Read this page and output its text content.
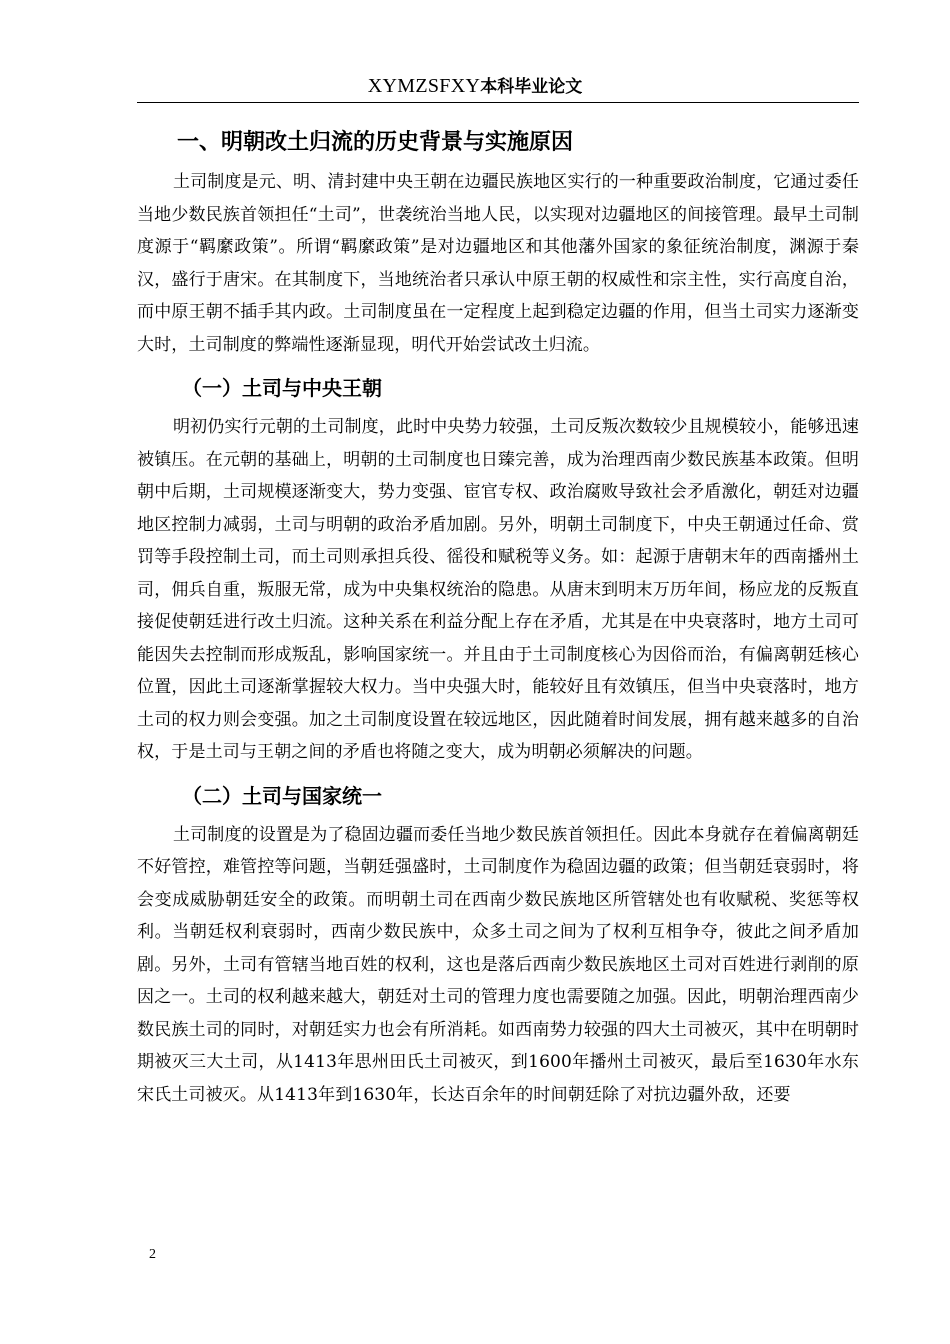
XYMZSFXY本科毕业论文
一、明朝改土归流的历史背景与实施原因

土司制度是元、明、清封建中央王朝在边疆民族地区实行的一种重要政治制度，它通过委任当地少数民族首领担任“土司”，世袭统治当地人民，以实现对边疆地区的间接管理。最早土司制度源于“羁縻政策”。所谓“羁縻政策”是对边疆地区和其他藩外国家的象征统治制度，渊源于秦汉，盛行于唐宋。在其制度下，当地统治者只承认中原王朝的权威性和宗主性，实行高度自治，而中原王朝不插手其内政。土司制度虽在一定程度上起到稳定边疆的作用，但当土司实力逐渐变大时，土司制度的弊端性逐渐显现，明代开始尝试改土归流。

（一）土司与中央王朝

明初仍实行元朝的土司制度，此时中央势力较强，土司反叛次数较少且规模较小，能够迅速被镇压。在元朝的基础上，明朝的土司制度也日臻完善，成为治理西南少数民族基本政策。但明朝中后期，土司规模逐渐变大，势力变强、宦官专权、政治腐败导致社会矛盾激化，朝廷对边疆地区控制力减弱，土司与明朝的政治矛盾加剧。另外，明朝土司制度下，中央王朝通过任命、赏罚等手段控制土司，而土司则承担兵役、徭役和赋税等义务。如：起源于唐朝末年的西南播州土司，佣兵自重，叛服无常，成为中央集权统治的隐患。从唐末到明末万历年间，杨应龙的反叛直接促使朝廷进行改土归流。这种关系在利益分配上存在矛盾，尤其是在中央衰落时，地方土司可能因失去控制而形成叛乱，影响国家统一。并且由于土司制度核心为因俗而治，有偏离朝廷核心位置，因此土司逐渐掌握较大权力。当中央强大时，能较好且有效镇压，但当中央衰落时，地方土司的权力则会变强。加之土司制度设置在较远地区，因此随着时间发展，拥有越来越多的自治权，于是土司与王朝之间的矛盾也将随之变大，成为明朝必须解决的问题。

（二）土司与国家统一

土司制度的设置是为了稳固边疆而委任当地少数民族首领担任。因此本身就存在着偏离朝廷不好管控，难管控等问题，当朝廷强盛时，土司制度作为稳固边疆的政策；但当朝廷衰弱时，将会变成威胁朝廷安全的政策。而明朝土司在西南少数民族地区所管辖处也有收赋税、奖惩等权利。当朝廷权利衰弱时，西南少数民族中，众多土司之间为了权利互相争夺，彼此之间矛盾加剧。另外，土司有管辖当地百姓的权利，这也是落后西南少数民族地区土司对百姓进行剥削的原因之一。土司的权利越来越大，朝廷对土司的管理力度也需要随之加强。因此，明朝治理西南少数民族土司的同时，对朝廷实力也会有所消耗。如西南势力较强的四大土司被灭，其中在明朝时期被灭三大土司，从1413年思州田氏土司被灭，到1600年播州土司被灭，最后至1630年水东宋氏土司被灭。从1413年到1630年，长达百余年的时间朝廷除了对抗边疆外敌，还要

2
